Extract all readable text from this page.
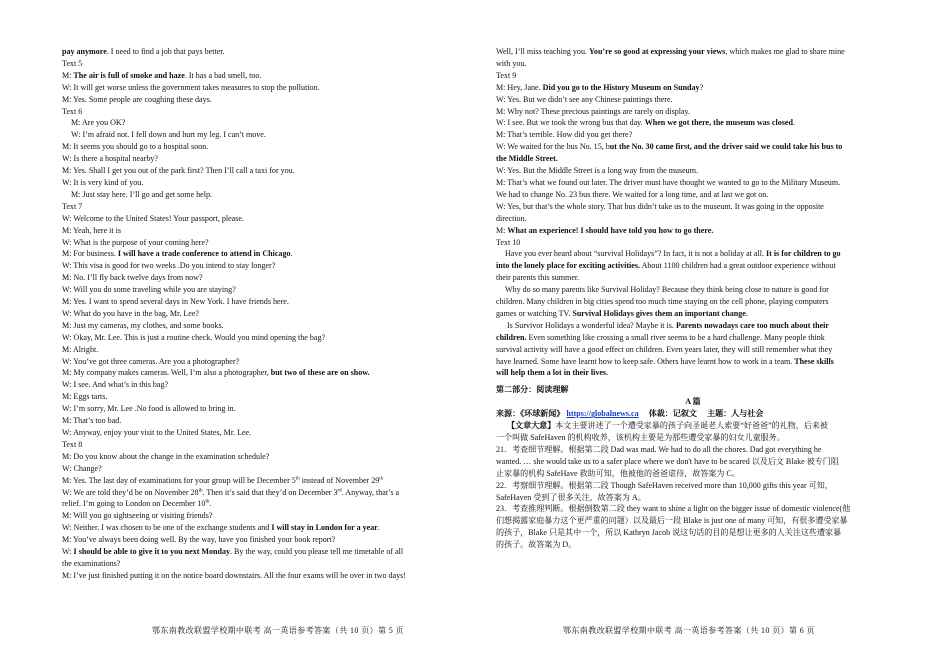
pay anymore. I need to find a job that pays better.
Text 5
M: The air is full of smoke and haze. It has a bad smell, too.
W: It will get worse unless the government takes measures to stop the pollution.
M: Yes. Some people are coughing these days.
Text 6
M: Are you OK?
W: I’m afraid not. I fell down and hurt my leg. I can’t move.
M: It seems you should go to a hospital soon.
W: Is there a hospital nearby?
M: Yes. Shall I get you out of the park first? Then I’ll call a taxi for you.
W: It is very kind of you.
M: Just stay here. I’ll go and get some help.
Text 7
W: Welcome to the United States! Your passport, please.
M: Yeah, here it is
W: What is the purpose of your coming here?
M: For business. I will have a trade conference to attend in Chicago.
W: This visa is good for two weeks .Do you intend to stay longer?
M: No. I’ll fly back twelve days from now?
W: Will you do some traveling while you are staying?
M: Yes. I want to spend several days in New York. I have friends here.
W: What do you have in the bag, Mr. Lee?
M: Just my cameras, my clothes, and some books.
W: Okay, Mr. Lee. This is just a routine check. Would you mind opening the bag?
M: Alright.
W: You’ve got three cameras. Are you a photographer?
M: My company makes cameras. Well, I’m also a photographer, but two of these are on show.
W: I see. And what’s in this bag?
M: Eggs tarts.
W: I’m sorry, Mr. Lee .No food is allowed to bring in.
M: That’s too bad.
W: Anyway, enjoy your visit to the United States, Mr. Lee.
Text 8
M: Do you know about the change in the examination schedule?
W: Change?
M: Yes. The last day of examinations for your group will be December 5th instead of November 29th
W: We are told they’d be on November 28th. Then it’s said that they’d on December 3rd. Anyway, that’s a
relief. I’m going to London on December 10th.
M: Will you go sightseeing or visiting friends?
W: Neither. I was chosen to be one of the exchange students and I will stay in London for a year.
M: You’ve always been doing well. By the way, have you finished your book report?
W: I should be able to give it to you next Monday. By the way, could you please tell me timetable of all
the examinations?
M: I’ve just finished putting it on the notice board downstairs. All the four exams will be over in two days!
Well, I’ll miss teaching you. You’re so good at expressing your views, which makes me glad to share mine
with you.
Text 9
M: Hey, Jane. Did you go to the History Museum on Sunday?
W: Yes. But we didn’t see any Chinese paintings there.
M: Why not? These precious paintings are rarely on display.
W: I see. But we took the wrong bus that day. When we got there, the museum was closed.
M: That’s terrible. How did you get there?
W: We waited for the bus No. 15, but the No. 30 came first, and the driver said we could take his bus to
the Middle Street.
W: Yes. But the Middle Street is a long way from the museum.
M: That’s what we found out later. The driver must have thought we wanted to go to the Military Museum.
We had to change No. 23 bus there. We waited for a long time, and at last we got on.
W: Yes, but that’s the whole story. That bus didn’t take us to the museum. It was going in the opposite
direction.
M: What an experience! I should have told you how to go there.
Text 10
Have you ever heard about “survival Holidays”? In fact, it is not a holiday at all. It is for children to go
into the lonely place for exciting activities. About 1100 children had a great outdoor experience without
their parents this summer.
Why do so many parents like Survival Holiday? Because they think being close to nature is good for
children. Many children in big cities spend too much time staying on the cell phone, playing computers
games or watching TV. Survival Holidays gives them an important change.
Is Survivor Holidays a wonderful idea? Maybe it is. Parents nowadays care too much about their
children. Even something like crossing a small river seems to be a hard challenge. Many people think
survival activity will have a good effect on children. Even years later, they will still remember what they
have learned. Some have learnt how to keep safe. Others have learnt how to work in a team. These skills
will help them a lot in their lives.
第二部分：阅读理解
A 篇
来源：《环球新闻》 https://globalnews.ca     体裁：记叙文     主题：人与社会
【文章大意】本文主要讲述了一个遭受家暴的孩子向圣诞老人索要“好爸爸”的礼物，后来被
一个叫做 SafeHaven 的机构收养，该机构主要是为那些遭受家暴的妇女儿童服务。
21．考查细节理解。根据第二段 Dad was mad. We had to do all the chores. Dad got everything he
wanted. … she would take us to a safer place where we don't have to be scared 以及后文 Blake 被专门阻
止家暴的机构 SafeHave 救助可知，他被他的爸爸虐待，故答案为 C。
22．考察细节理解。根据第二段 Though SafeHaven received more than 10,000 gifts this year 可知，
SafeHaven 受到了很多关注，故答案为 A。
23．考查推理判断。根据倒数第二段 they want to shine a light on the bigger issue of domestic violence(他
们想揭露家庭暴力这个更严重的问题）以及最后一段 Blake is just one of many 可知，有很多遭受家暴
的孩子，Blake 只是其中一个，所以 Kathryn Jacob 说这句话的目的是想让更多的人关注这些遭家暴
的孩子。故答案为 D。
鄂东南教改联盟学校期中联考 高一英语参考答案（共 10 页）第 5 页	鄂东南教改联盟学校期中联考 高一英语参考答案（共 10 页）第 6 页
